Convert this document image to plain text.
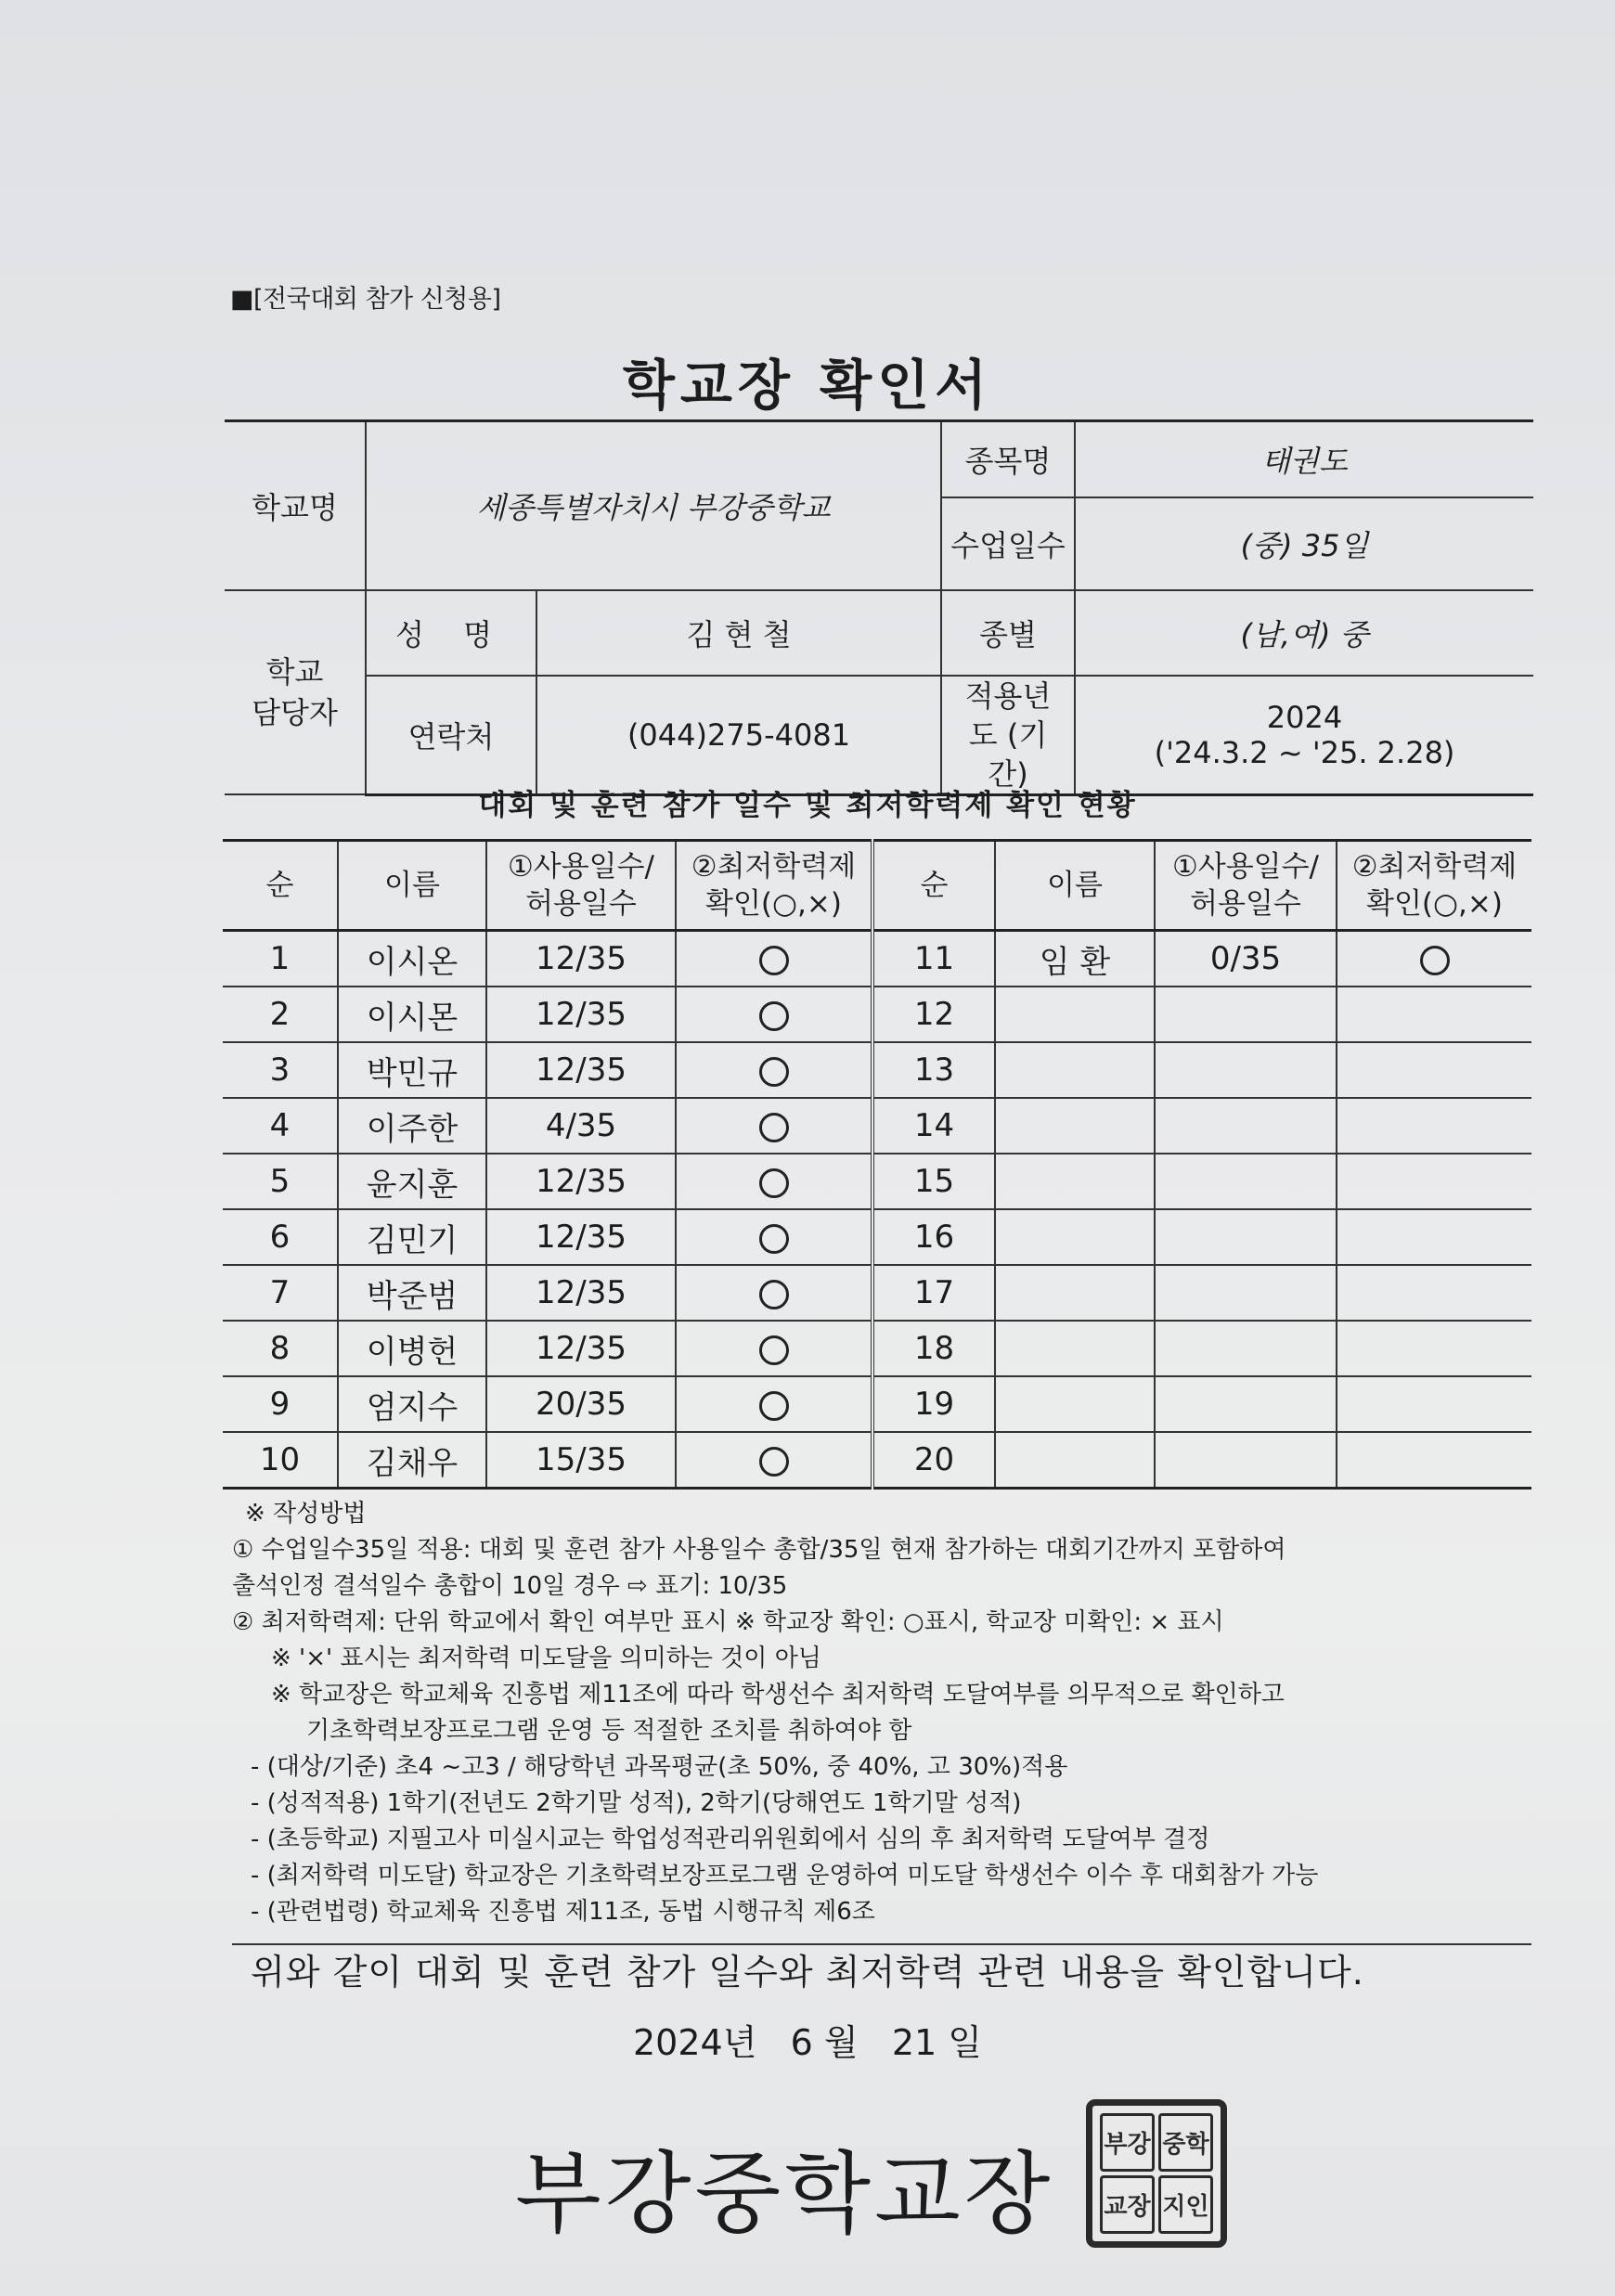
■[전국대회 참가 신청용]
학교장 확인서
학교명	세종특별자치시 부강중학교		종목명	태권도
			수업일수	(중) 35일
학교 담당자	성 명	김 현 철	종별	(남,여) 중
	연락처	(044)275-4081	적용년도 (기간)	2024
('24.3.2 ~ '25. 2.28)
대회 및 훈련 참가 일수 및 최저학력제 확인 현황
순	이름	①사용일수/ 허용일수	②최저학력제 확인(○,×)	순	이름	①사용일수/ 허용일수	②최저학력제 확인(○,×)
1	이시온	12/35		11	임 환	0/35	
2	이시몬	12/35		12			
3	박민규	12/35		13			
4	이주한	4/35		14			
5	윤지훈	12/35		15			
6	김민기	12/35		16			
7	박준범	12/35		17			
8	이병헌	12/35		18			
9	엄지수	20/35		19			
10	김채우	15/35		20			
※ 작성방법
① 수업일수35일 적용: 대회 및 훈련 참가 사용일수 총합/35일 현재 참가하는 대회기간까지 포함하여
출석인정 결석일수 총합이 10일 경우 ⇨ 표기: 10/35
② 최저학력제: 단위 학교에서 확인 여부만 표시 ※ 학교장 확인: ○표시, 학교장 미확인: × 표시
※ '×' 표시는 최저학력 미도달을 의미하는 것이 아님
※ 학교장은 학교체육 진흥법 제11조에 따라 학생선수 최저학력 도달여부를 의무적으로 확인하고
기초학력보장프로그램 운영 등 적절한 조치를 취하여야 함
- (대상/기준) 초4 ~고3 / 해당학년 과목평균(초 50%, 중 40%, 고 30%)적용
- (성적적용) 1학기(전년도 2학기말 성적), 2학기(당해연도 1학기말 성적)
- (초등학교) 지필고사 미실시교는 학업성적관리위원회에서 심의 후 최저학력 도달여부 결정
- (최저학력 미도달) 학교장은 기초학력보장프로그램 운영하여 미도달 학생선수 이수 후 대회참가 가능
- (관련법령) 학교체육 진흥법 제11조, 동법 시행규칙 제6조
위와 같이 대회 및 훈련 참가 일수와 최저학력 관련 내용을 확인합니다.
2024년   6 월   21 일
부강중학교장 부강 중학
교장 지인
